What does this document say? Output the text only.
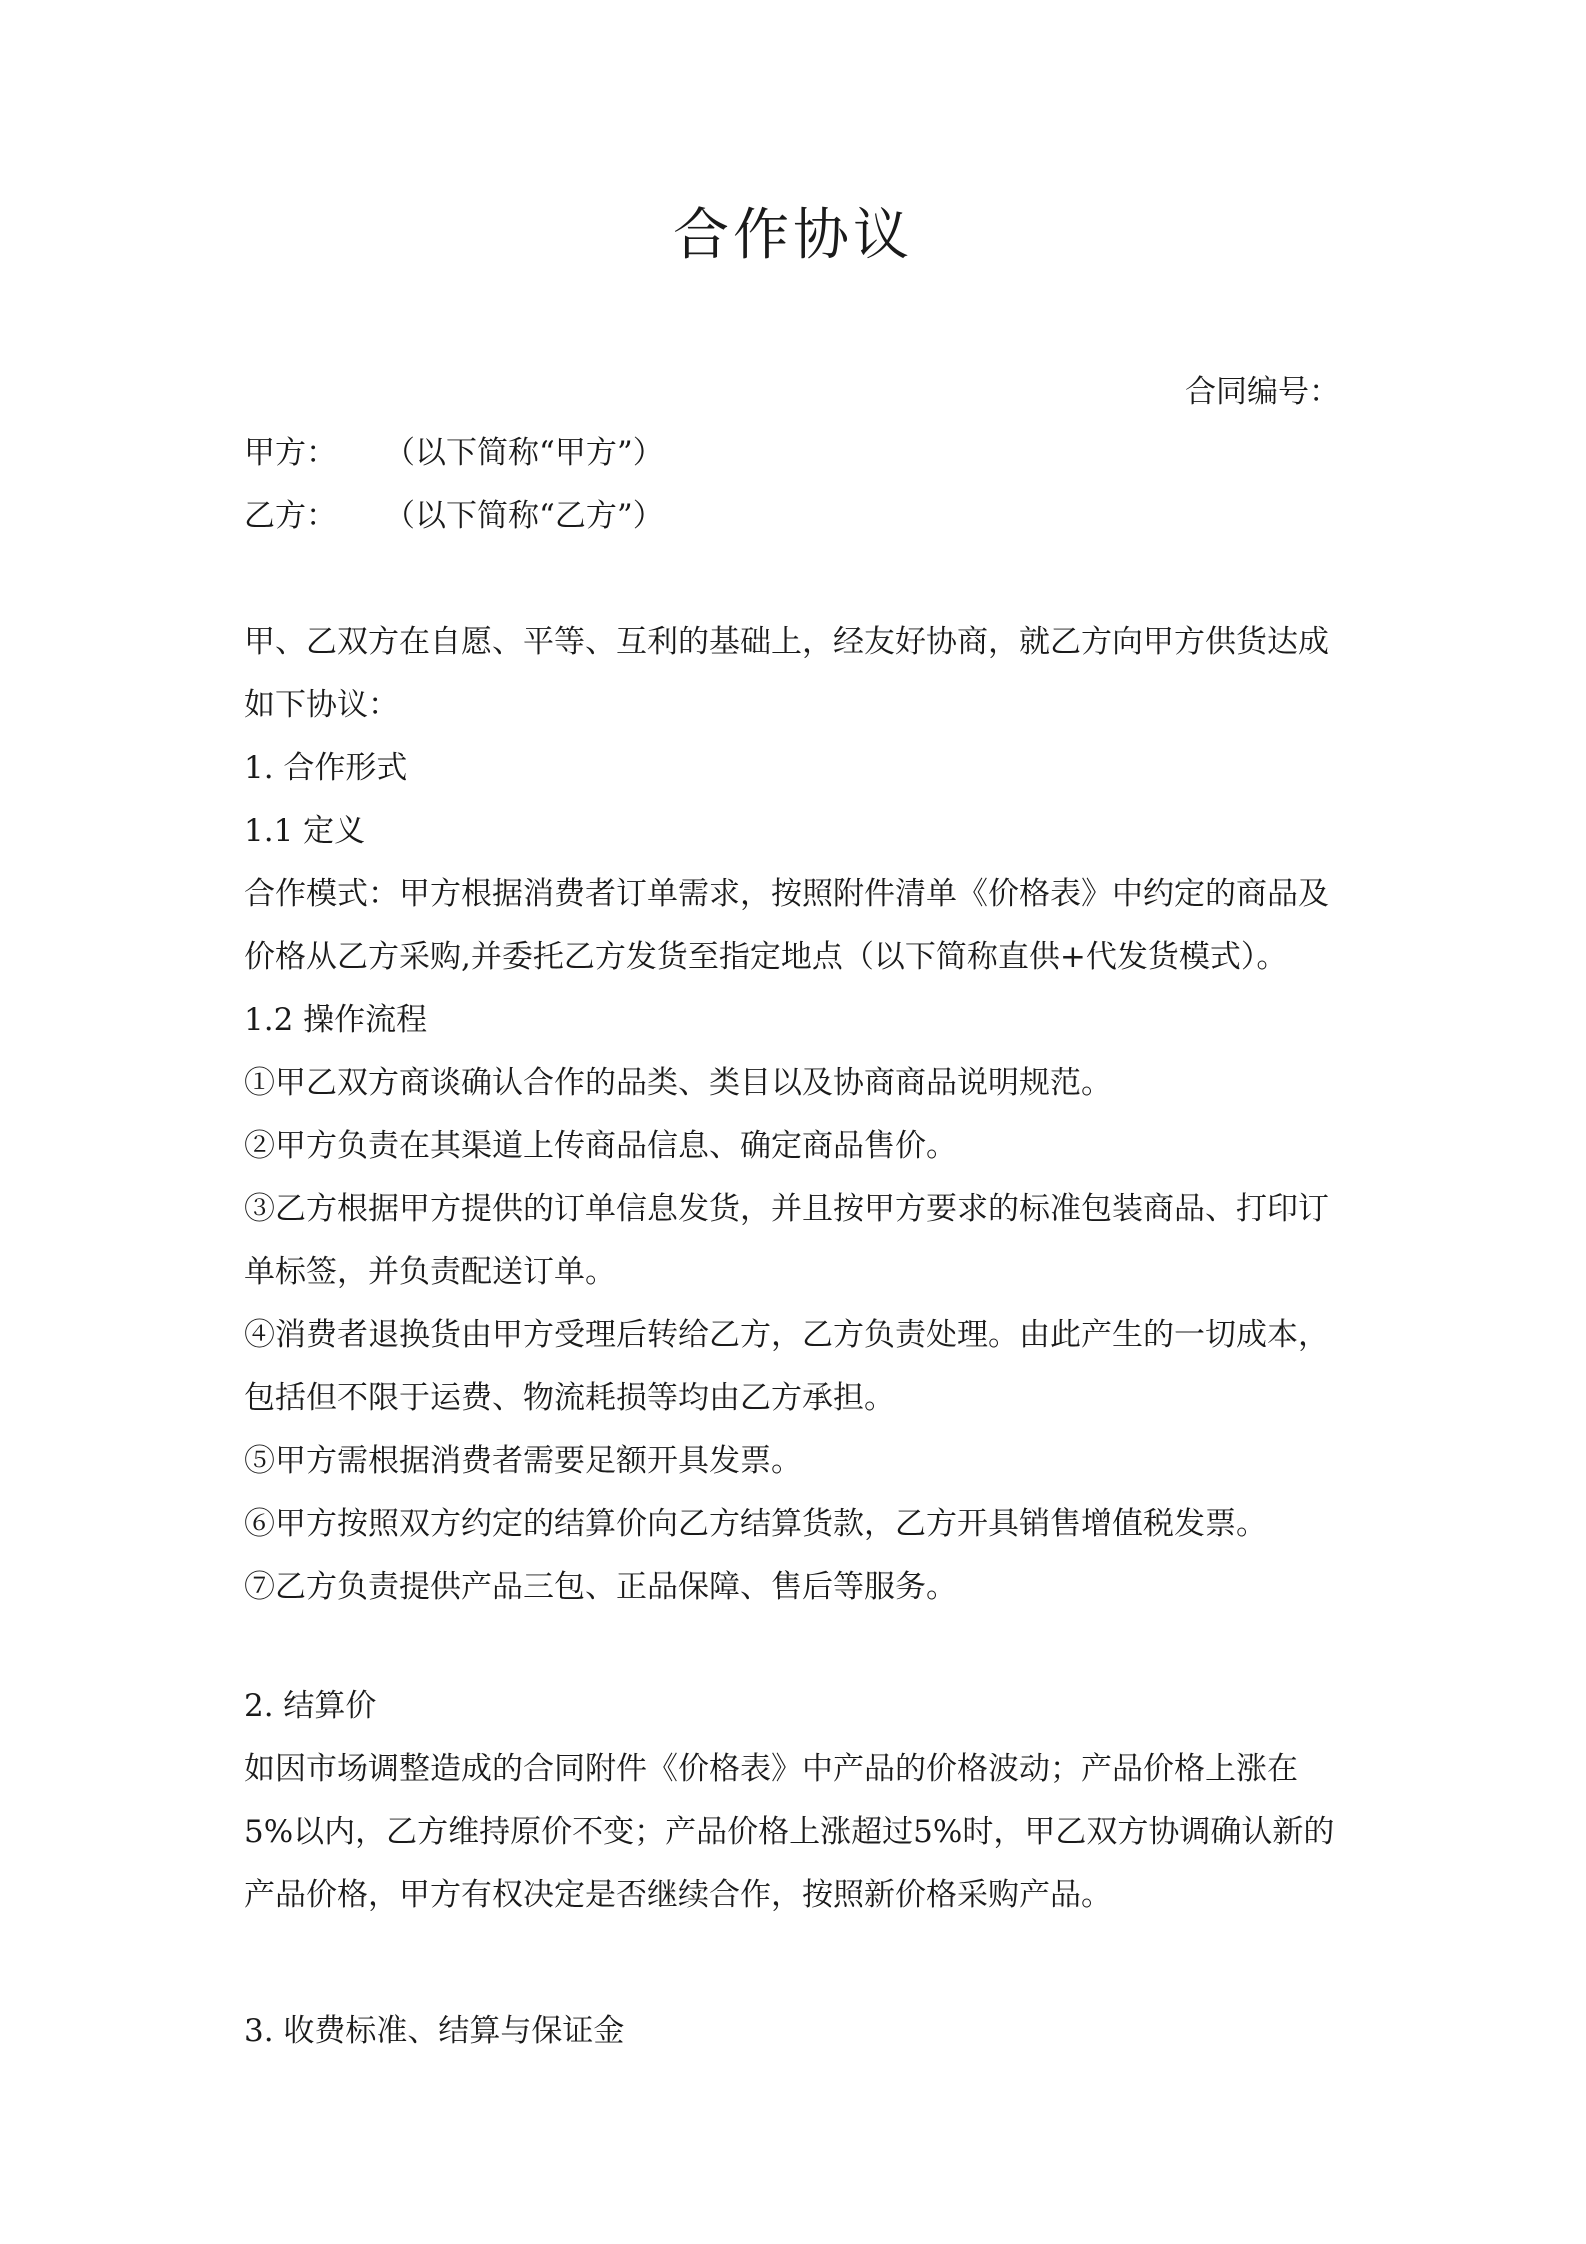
合作协议
合同编号：
甲方： （以下简称“甲方”）
乙方： （以下简称“乙方”）
甲、乙双方在自愿、平等、互利的基础上，经友好协商，就乙方向甲方供货达成
如下协议：
1. 合作形式
1.1 定义
合作模式：甲方根据消费者订单需求，按照附件清单《价格表》中约定的商品及
价格从乙方采购,并委托乙方发货至指定地点（以下简称直供+代发货模式）。
1.2 操作流程
①甲乙双方商谈确认合作的品类、类目以及协商商品说明规范。
②甲方负责在其渠道上传商品信息、确定商品售价。
③乙方根据甲方提供的订单信息发货，并且按甲方要求的标准包装商品、打印订
单标签，并负责配送订单。
④消费者退换货由甲方受理后转给乙方，乙方负责处理。由此产生的一切成本，
包括但不限于运费、物流耗损等均由乙方承担。
⑤甲方需根据消费者需要足额开具发票。
⑥甲方按照双方约定的结算价向乙方结算货款，乙方开具销售增值税发票。
⑦乙方负责提供产品三包、正品保障、售后等服务。
2. 结算价
如因市场调整造成的合同附件《价格表》中产品的价格波动；产品价格上涨在
5%以内，乙方维持原价不变；产品价格上涨超过5%时，甲乙双方协调确认新的
产品价格，甲方有权决定是否继续合作，按照新价格采购产品。
3. 收费标准、结算与保证金
